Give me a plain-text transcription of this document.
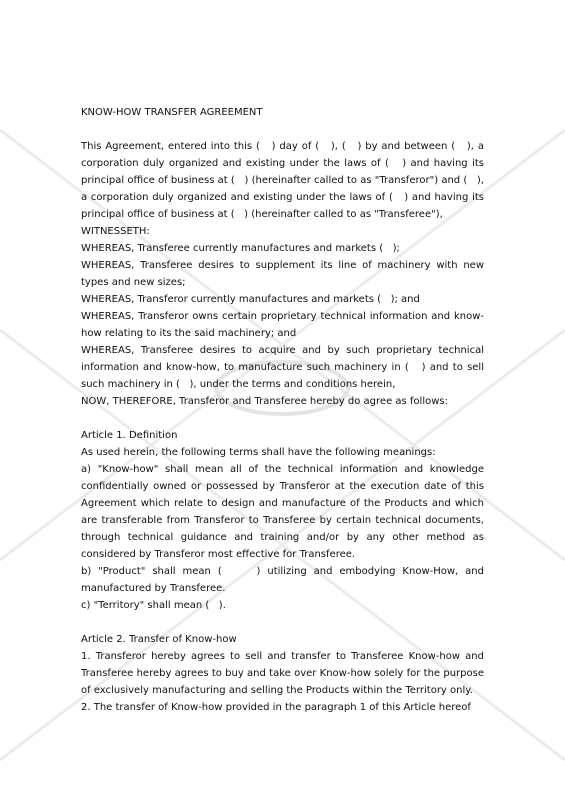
KNOW-HOW TRANSFER AGREEMENT

This Agreement, entered into this (   ) day of (   ), (   ) by and between (   ), a corporation duly organized and existing under the laws of (   ) and having its principal office of business at (   ) (hereinafter called to as "Transferor") and (   ), a corporation duly organized and existing under the laws of (   ) and having its principal office of business at (   ) (hereinafter called to as "Transferee"),

WITNESSETH:

WHEREAS, Transferee currently manufactures and markets (   );

WHEREAS, Transferee desires to supplement its line of machinery with new types and new sizes;

WHEREAS, Transferor currently manufactures and markets (   ); and

WHEREAS, Transferor owns certain proprietary technical information and know-how relating to its the said machinery; and

WHEREAS, Transferee desires to acquire and by such proprietary technical information and know-how, to manufacture such machinery in (   ) and to sell such machinery in (   ), under the terms and conditions herein,

NOW, THEREFORE, Transferor and Transferee hereby do agree as follows:

Article 1. Definition

As used herein, the following terms shall have the following meanings:

a) "Know-how" shall mean all of the technical information and knowledge confidentially owned or possessed by Transferor at the execution date of this Agreement which relate to design and manufacture of the Products and which are transferable from Transferor to Transferee by certain technical documents, through technical guidance and training and/or by any other method as considered by Transferor most effective for Transferee.

b) "Product" shall mean (     ) utilizing and embodying Know-How, and manufactured by Transferee.

c) "Territory" shall mean (   ).

Article 2. Transfer of Know-how

1. Transferor hereby agrees to sell and transfer to Transferee Know-how and Transferee hereby agrees to buy and take over Know-how solely for the purpose of exclusively manufacturing and selling the Products within the Territory only.

2. The transfer of Know-how provided in the paragraph 1 of this Article hereof
